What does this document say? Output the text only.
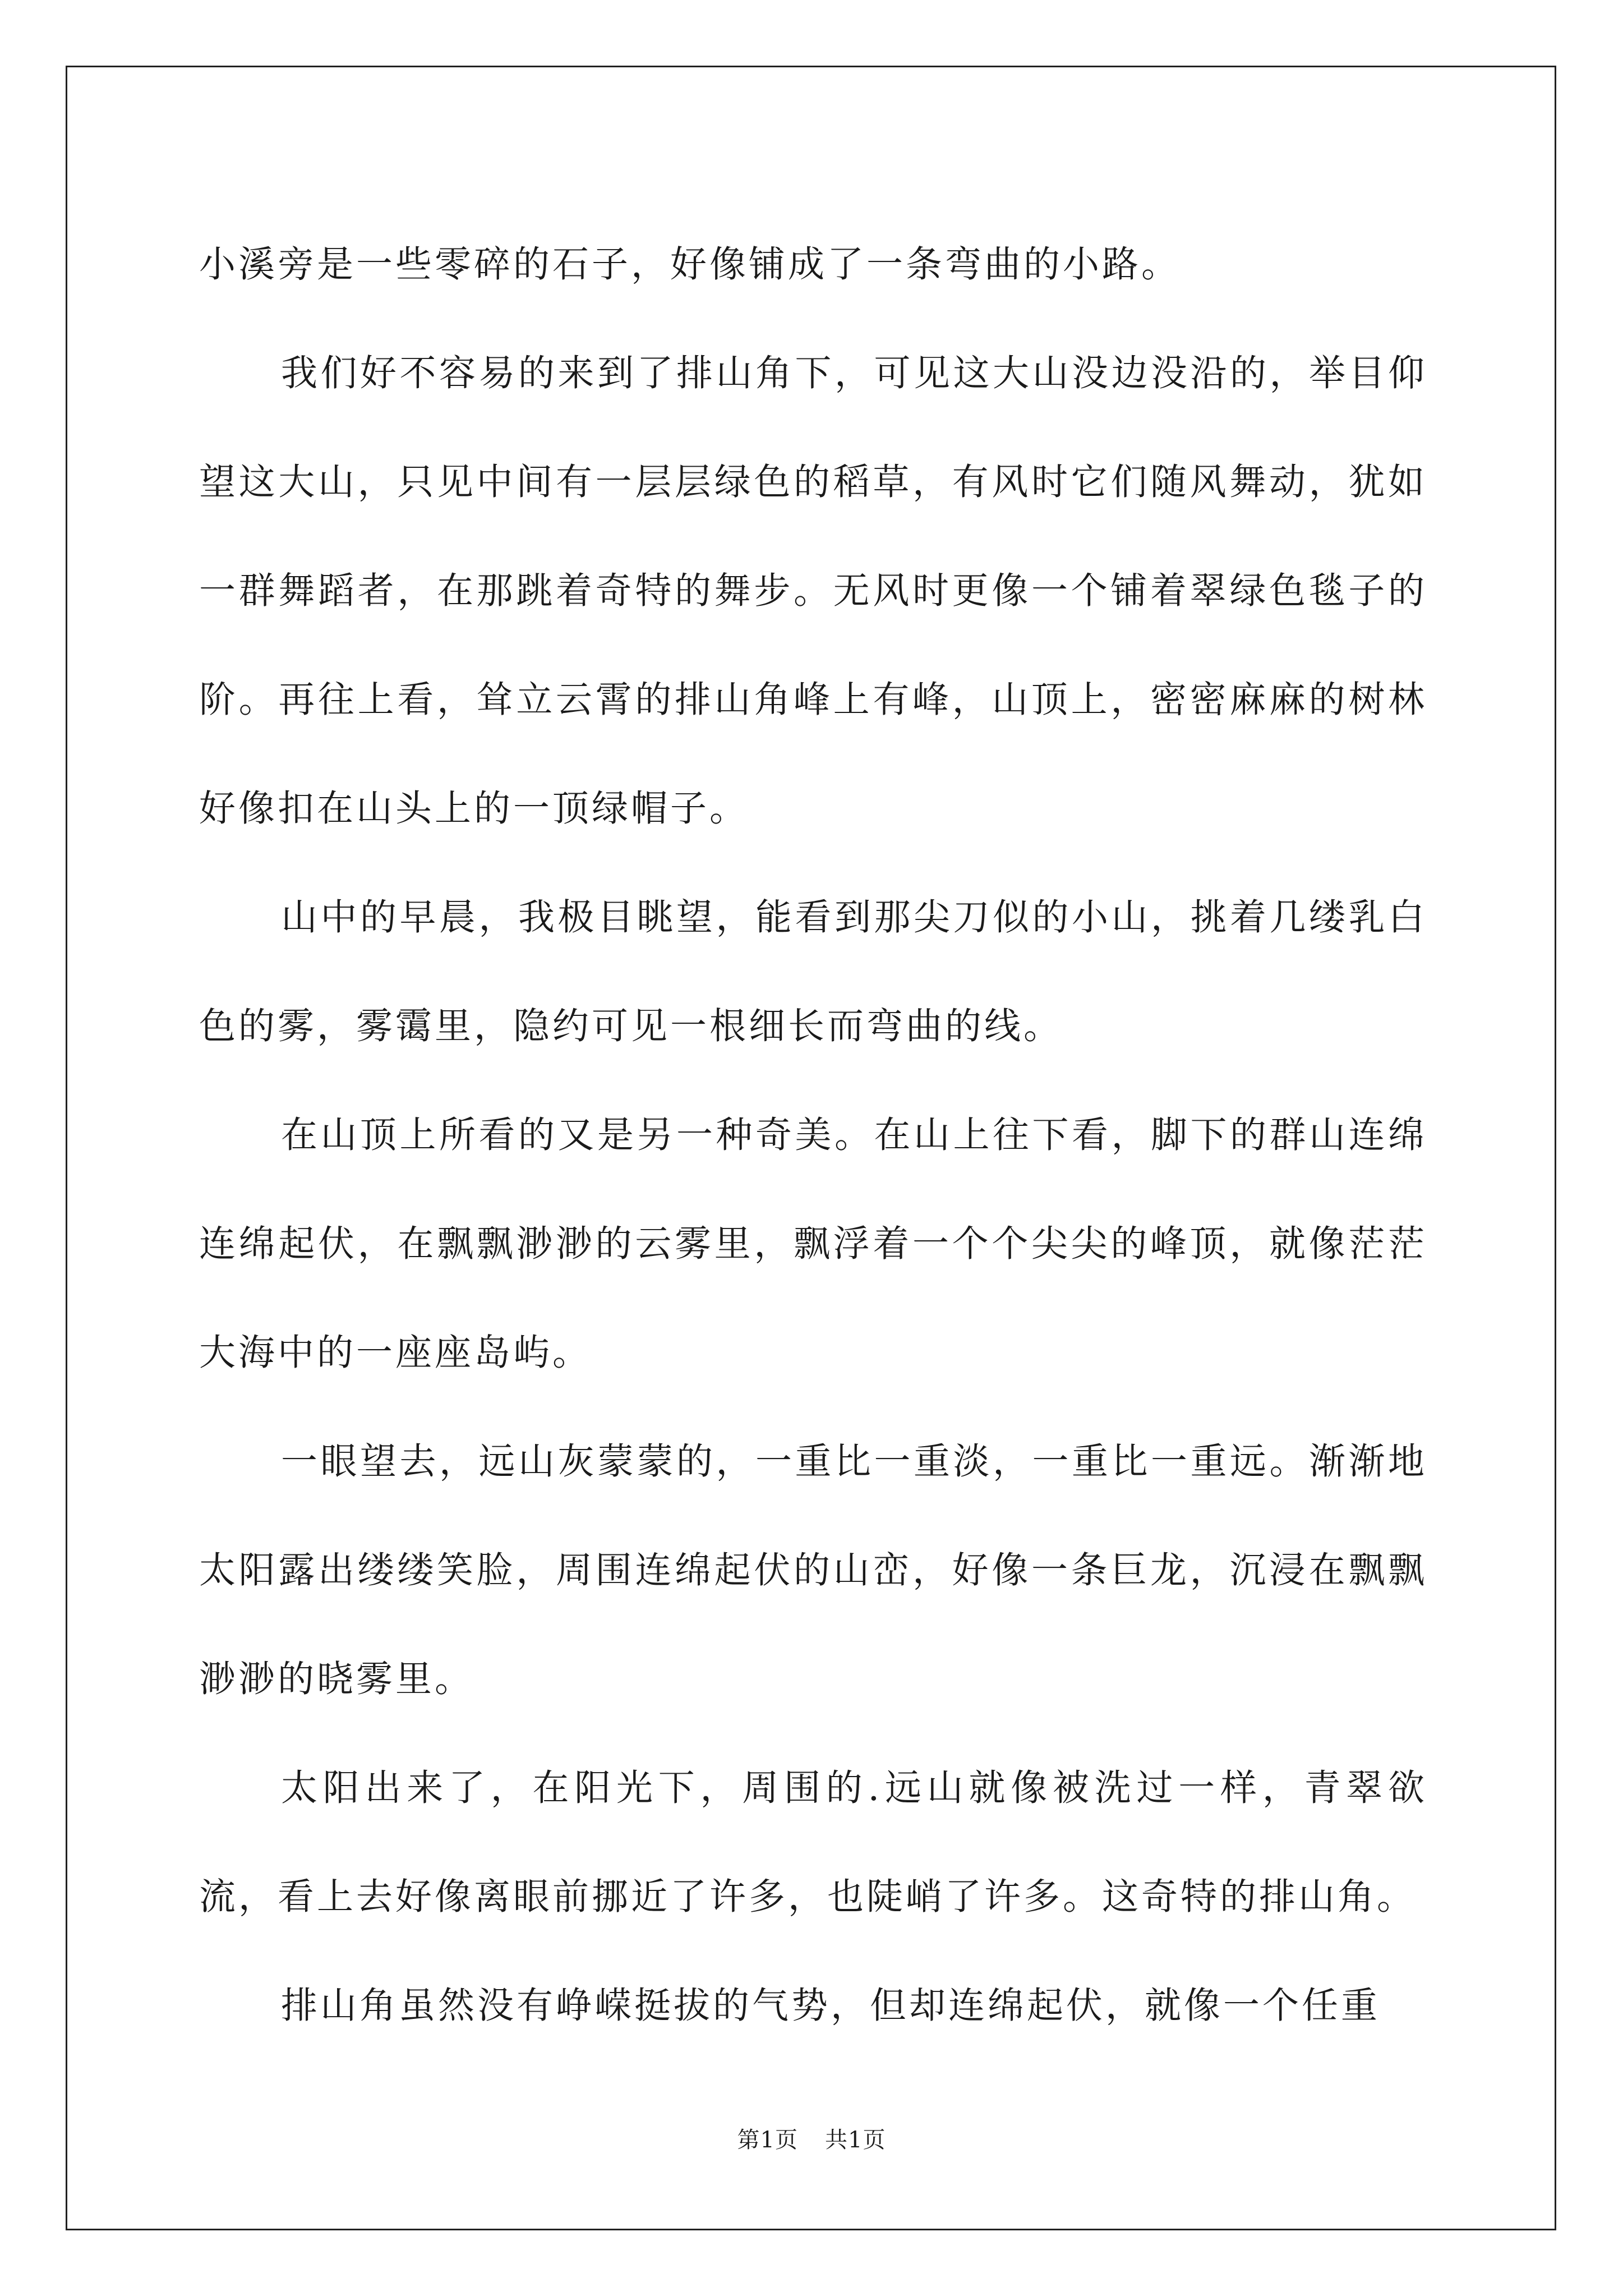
小溪旁是一些零碎的石子，好像铺成了一条弯曲的小路。

我们好不容易的来到了排山角下，可见这大山没边没沿的，举目仰望这大山，只见中间有一层层绿色的稻草，有风时它们随风舞动，犹如一群舞蹈者，在那跳着奇特的舞步。无风时更像一个铺着翠绿色毯子的阶。再往上看，耸立云霄的排山角峰上有峰，山顶上，密密麻麻的树林好像扣在山头上的一顶绿帽子。

山中的早晨，我极目眺望，能看到那尖刀似的小山，挑着几缕乳白色的雾，雾霭里，隐约可见一根细长而弯曲的线。

在山顶上所看的又是另一种奇美。在山上往下看，脚下的群山连绵连绵起伏，在飘飘渺渺的云雾里，飘浮着一个个尖尖的峰顶，就像茫茫大海中的一座座岛屿。

一眼望去，远山灰蒙蒙的，一重比一重淡，一重比一重远。渐渐地太阳露出缕缕笑脸，周围连绵起伏的山峦，好像一条巨龙，沉浸在飘飘渺渺的晓雾里。

太阳出来了，在阳光下，周围的.远山就像被洗过一样，青翠欲流，看上去好像离眼前挪近了许多，也陡峭了许多。这奇特的排山角。

排山角虽然没有峥嵘挺拔的气势，但却连绵起伏，就像一个任重

第1页 共1页
